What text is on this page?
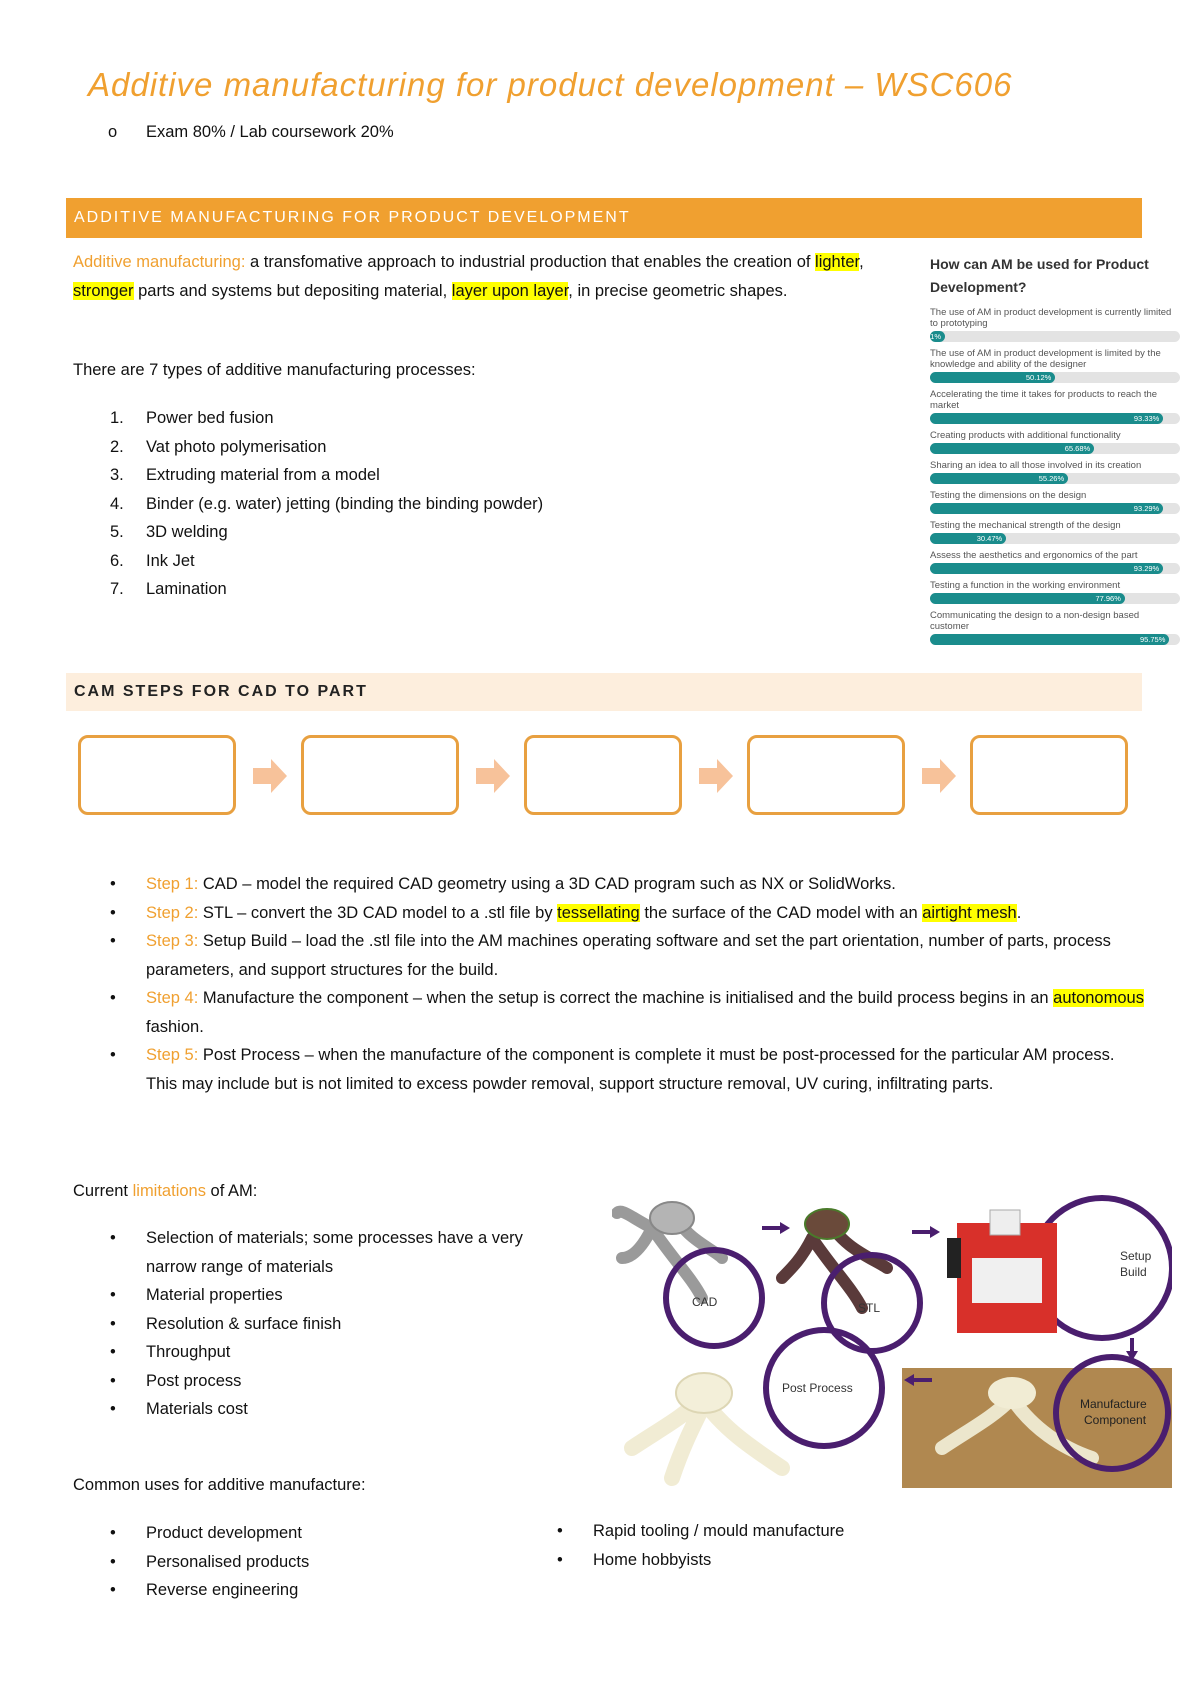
Additive manufacturing for product development – WSC606
o Exam 80% / Lab coursework 20%
ADDITIVE MANUFACTURING FOR PRODUCT DEVELOPMENT
Additive manufacturing: a transfomative approach to industrial production that enables the creation of lighter, stronger parts and systems but depositing material, layer upon layer, in precise geometric shapes.
There are 7 types of additive manufacturing processes:
1.	Power bed fusion
2.	Vat photo polymerisation
3.	Extruding material from a model
4.	Binder (e.g. water) jetting (binding the binding powder)
5.	3D welding
6.	Ink Jet
7.	Lamination
How can AM be used for Product Development?
The use of AM in product development is currently limited to prototyping
5.1%
The use of AM in product development is limited by the knowledge and ability of the designer
50.12%
Accelerating the time it takes for products to reach the market
93.33%
Creating products with additional functionality
65.68%
Sharing an idea to all those involved in its creation
55.26%
Testing the dimensions on the design
93.29%
Testing the mechanical strength of the design
30.47%
Assess the aesthetics and ergonomics of the part
93.29%
Testing a function in the working environment
77.96%
Communicating the design to a non-design based customer
95.75%
CAM STEPS FOR CAD TO PART
•	Step 1: CAD – model the required CAD geometry using a 3D CAD program such as NX or SolidWorks.
•	Step 2: STL – convert the 3D CAD model to a .stl file by tessellating the surface of the CAD model with an airtight mesh.
•	Step 3: Setup Build – load the .stl file into the AM machines operating software and set the part orientation, number of parts, process parameters, and support structures for the build.
•	Step 4: Manufacture the component – when the setup is correct the machine is initialised and the build process begins in an autonomous fashion.
•	Step 5: Post Process – when the manufacture of the component is complete it must be post-processed for the particular AM process. This may include but is not limited to excess powder removal, support structure removal, UV curing, infiltrating parts.
Current limitations of AM:
•	Selection of materials; some processes have a very narrow range of materials
•	Material properties
•	Resolution & surface finish
•	Throughput
•	Post process
•	Materials cost
CAD	STL
Setup
Build
Manufacture
Component
Post Process
Common uses for additive manufacture:
•	Product development
•	Personalised products
•	Reverse engineering
•	Rapid tooling / mould manufacture
•	Home hobbyists
